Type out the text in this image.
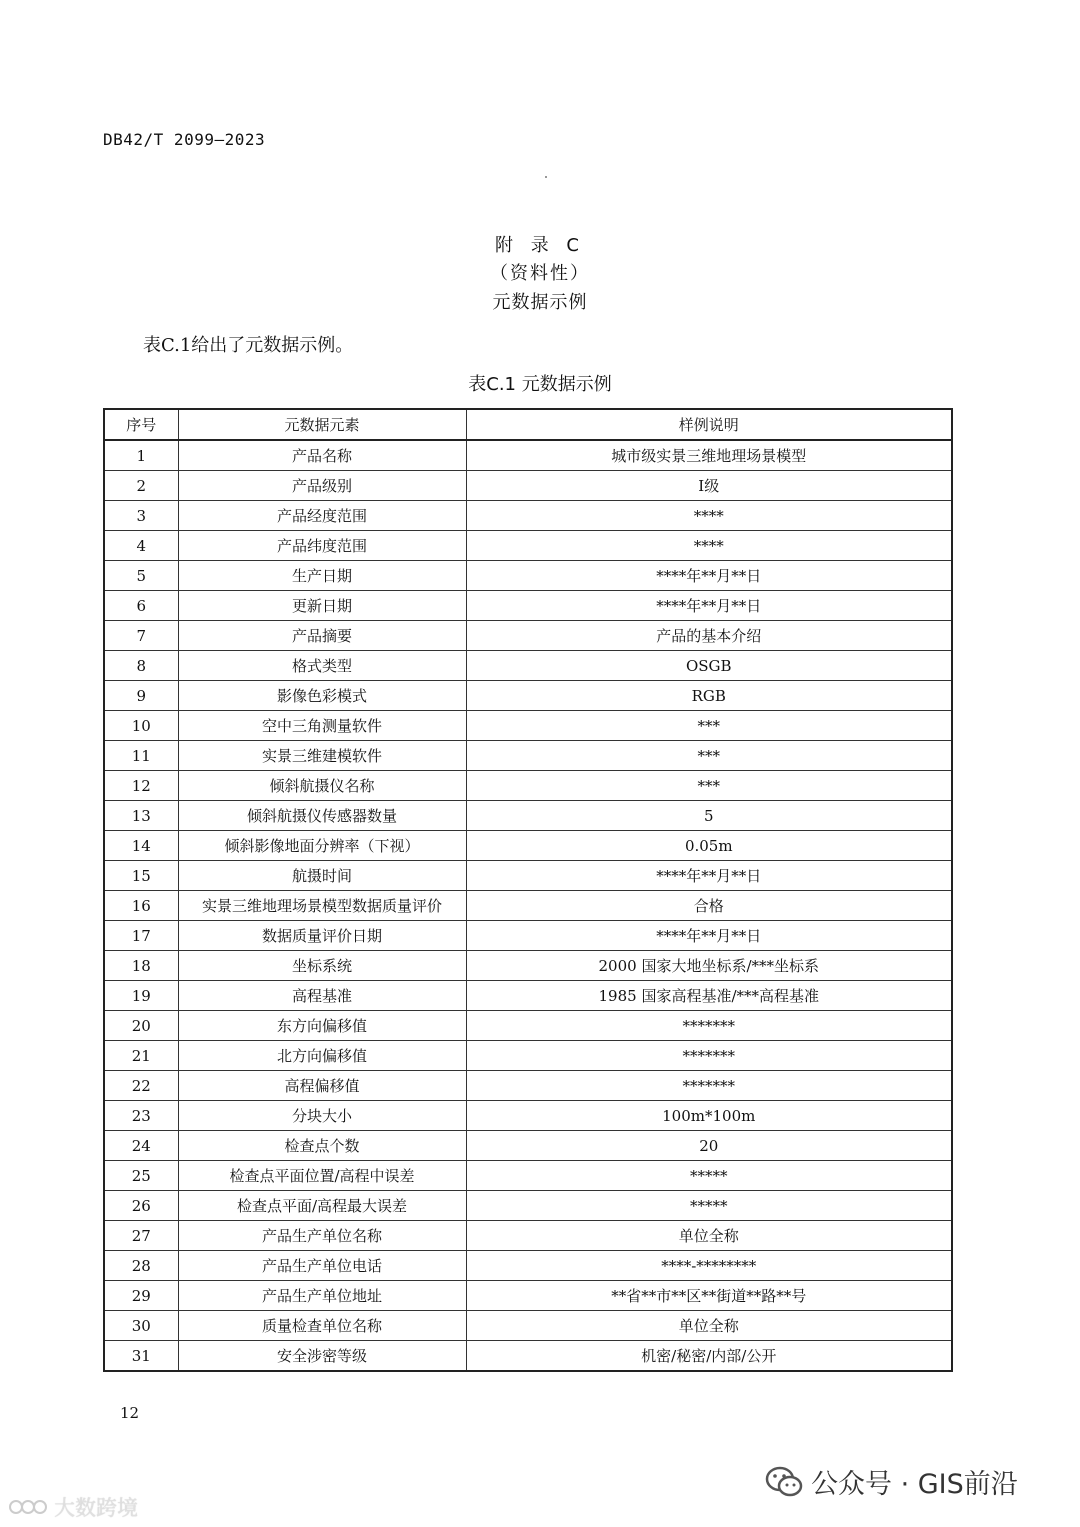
DB42/T 2099—2023
附 录 C
（资料性）
元数据示例
表C.1给出了元数据示例。
表C.1 元数据示例
序号	元数据元素	样例说明
1	产品名称	城市级实景三维地理场景模型
2	产品级别	Ⅰ级
3	产品经度范围	****
4	产品纬度范围	****
5	生产日期	****年**月**日
6	更新日期	****年**月**日
7	产品摘要	产品的基本介绍
8	格式类型	OSGB
9	影像色彩模式	RGB
10	空中三角测量软件	***
11	实景三维建模软件	***
12	倾斜航摄仪名称	***
13	倾斜航摄仪传感器数量	5
14	倾斜影像地面分辨率（下视）	0.05m
15	航摄时间	****年**月**日
16	实景三维地理场景模型数据质量评价	合格
17	数据质量评价日期	****年**月**日
18	坐标系统	2000 国家大地坐标系/***坐标系
19	高程基准	1985 国家高程基准/***高程基准
20	东方向偏移值	*******
21	北方向偏移值	*******
22	高程偏移值	*******
23	分块大小	100m*100m
24	检查点个数	20
25	检查点平面位置/高程中误差	*****
26	检查点平面/高程最大误差	*****
27	产品生产单位名称	单位全称
28	产品生产单位电话	****-********
29	产品生产单位地址	**省**市**区**街道**路**号
30	质量检查单位名称	单位全称
31	安全涉密等级	机密/秘密/内部/公开
12
公众号 · GIS前沿
大数跨境
